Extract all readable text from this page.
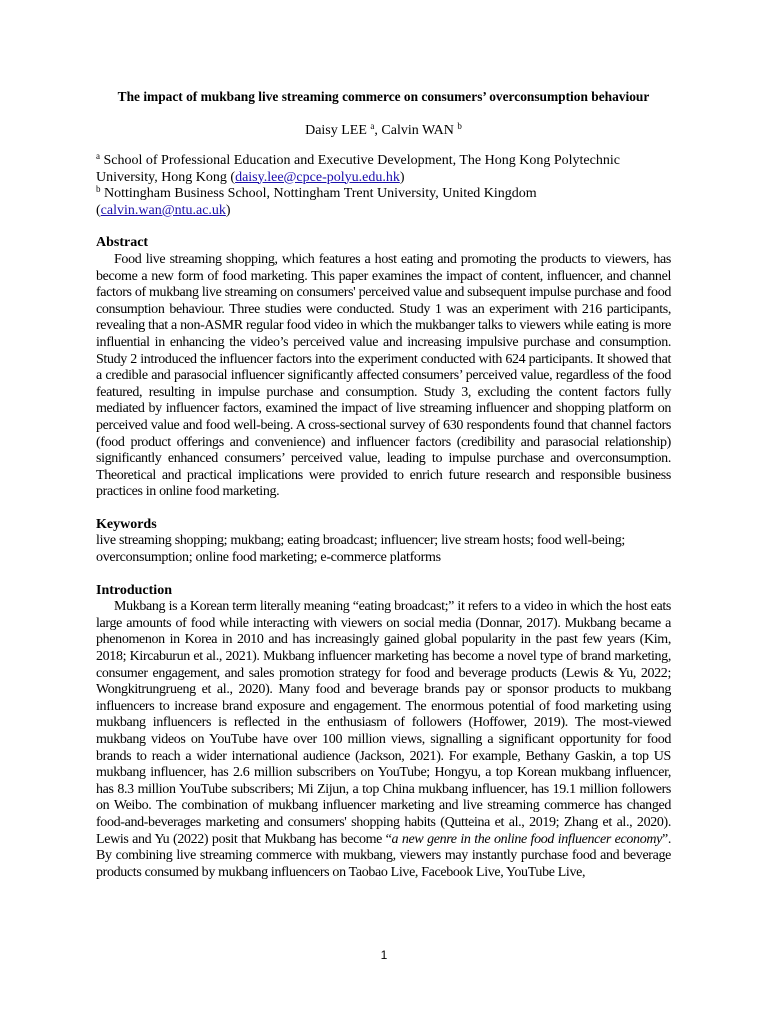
The impact of mukbang live streaming commerce on consumers’ overconsumption behaviour
Daisy LEE $^a$, Calvin WAN $^b$

$^a$ School of Professional Education and Executive Development, The Hong Kong Polytechnic University, Hong Kong (daisy.lee@cpce-polyu.edu.hk)

$^b$ Nottingham Business School, Nottingham Trent University, United Kingdom (calvin.wan@ntu.ac.uk)

Abstract

Food live streaming shopping, which features a host eating and promoting the products to viewers, has become a new form of food marketing. This paper examines the impact of content, influencer, and channel factors of mukbang live streaming on consumers' perceived value and subsequent impulse purchase and food consumption behaviour. Three studies were conducted. Study 1 was an experiment with 216 participants, revealing that a non-ASMR regular food video in which the mukbanger talks to viewers while eating is more influential in enhancing the video’s perceived value and increasing impulsive purchase and consumption. Study 2 introduced the influencer factors into the experiment conducted with 624 participants. It showed that a credible and parasocial influencer significantly affected consumers’ perceived value, regardless of the food featured, resulting in impulse purchase and consumption. Study 3, excluding the content factors fully mediated by influencer factors, examined the impact of live streaming influencer and shopping platform on perceived value and food well-being. A cross-sectional survey of 630 respondents found that channel factors (food product offerings and convenience) and influencer factors (credibility and parasocial relationship) significantly enhanced consumers’ perceived value, leading to impulse purchase and overconsumption. Theoretical and practical implications were provided to enrich future research and responsible business practices in online food marketing.

Keywords

live streaming shopping; mukbang; eating broadcast; influencer; live stream hosts; food well-being; overconsumption; online food marketing; e-commerce platforms

Introduction

Mukbang is a Korean term literally meaning “eating broadcast;” it refers to a video in which the host eats large amounts of food while interacting with viewers on social media (Donnar, 2017). Mukbang became a phenomenon in Korea in 2010 and has increasingly gained global popularity in the past few years (Kim, 2018; Kircaburun et al., 2021). Mukbang influencer marketing has become a novel type of brand marketing, consumer engagement, and sales promotion strategy for food and beverage products (Lewis & Yu, 2022; Wongkitrungrueng et al., 2020). Many food and beverage brands pay or sponsor products to mukbang influencers to increase brand exposure and engagement. The enormous potential of food marketing using mukbang influencers is reflected in the enthusiasm of followers (Hoffower, 2019). The most-viewed mukbang videos on YouTube have over 100 million views, signalling a significant opportunity for food brands to reach a wider international audience (Jackson, 2021). For example, Bethany Gaskin, a top US mukbang influencer, has 2.6 million subscribers on YouTube; Hongyu, a top Korean mukbang influencer, has 8.3 million YouTube subscribers; Mi Zijun, a top China mukbang influencer, has 19.1 million followers on Weibo. The combination of mukbang influencer marketing and live streaming commerce has changed food-and-beverages marketing and consumers' shopping habits (Qutteina et al., 2019; Zhang et al., 2020). Lewis and Yu (2022) posit that Mukbang has become “a new genre in the online food influencer economy”. By combining live streaming commerce with mukbang, viewers may instantly purchase food and beverage products consumed by mukbang influencers on Taobao Live, Facebook Live, YouTube Live,

1
